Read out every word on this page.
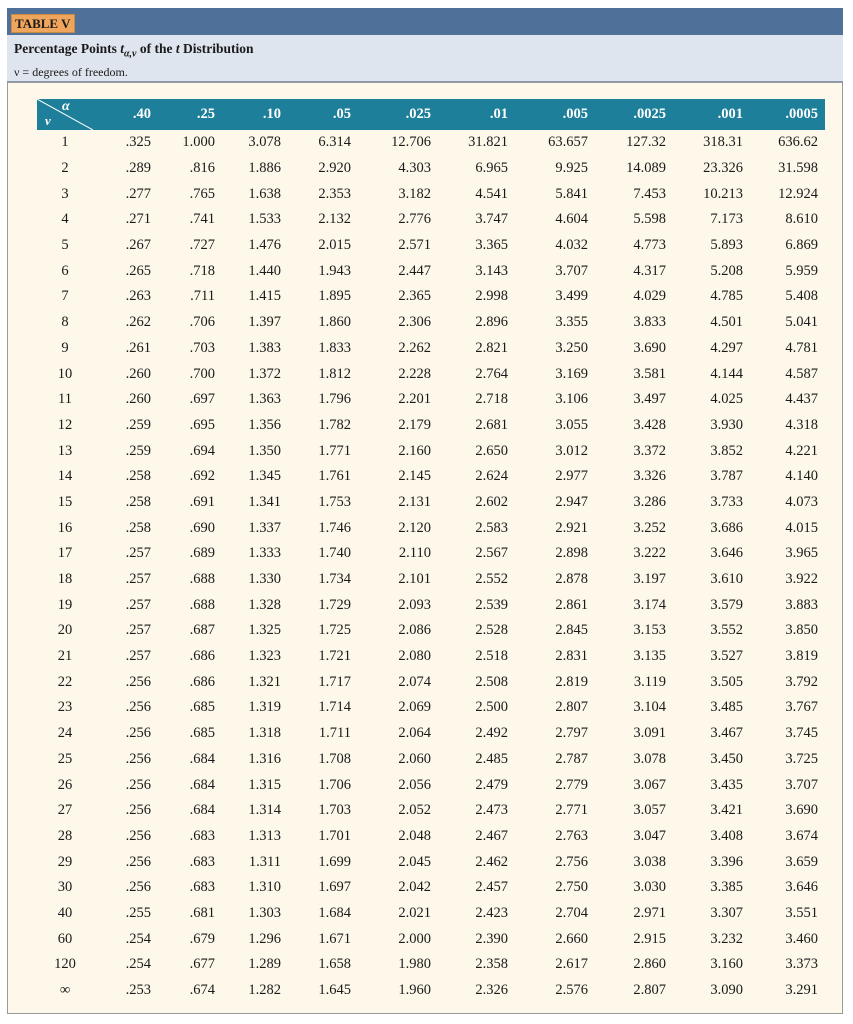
TABLE V
Percentage Points $t_{\alpha,\nu}$ of the t Distribution
ν = degrees of freedom.
α
ν	.40	.25	.10	.05	.025	.01	.005	.0025	.001	.0005
1	.325	1.000	3.078	6.314	12.706	31.821	63.657	127.32	318.31	636.62
2	.289	.816	1.886	2.920	4.303	6.965	9.925	14.089	23.326	31.598
3	.277	.765	1.638	2.353	3.182	4.541	5.841	7.453	10.213	12.924
4	.271	.741	1.533	2.132	2.776	3.747	4.604	5.598	7.173	8.610
5	.267	.727	1.476	2.015	2.571	3.365	4.032	4.773	5.893	6.869
6	.265	.718	1.440	1.943	2.447	3.143	3.707	4.317	5.208	5.959
7	.263	.711	1.415	1.895	2.365	2.998	3.499	4.029	4.785	5.408
8	.262	.706	1.397	1.860	2.306	2.896	3.355	3.833	4.501	5.041
9	.261	.703	1.383	1.833	2.262	2.821	3.250	3.690	4.297	4.781
10	.260	.700	1.372	1.812	2.228	2.764	3.169	3.581	4.144	4.587
11	.260	.697	1.363	1.796	2.201	2.718	3.106	3.497	4.025	4.437
12	.259	.695	1.356	1.782	2.179	2.681	3.055	3.428	3.930	4.318
13	.259	.694	1.350	1.771	2.160	2.650	3.012	3.372	3.852	4.221
14	.258	.692	1.345	1.761	2.145	2.624	2.977	3.326	3.787	4.140
15	.258	.691	1.341	1.753	2.131	2.602	2.947	3.286	3.733	4.073
16	.258	.690	1.337	1.746	2.120	2.583	2.921	3.252	3.686	4.015
17	.257	.689	1.333	1.740	2.110	2.567	2.898	3.222	3.646	3.965
18	.257	.688	1.330	1.734	2.101	2.552	2.878	3.197	3.610	3.922
19	.257	.688	1.328	1.729	2.093	2.539	2.861	3.174	3.579	3.883
20	.257	.687	1.325	1.725	2.086	2.528	2.845	3.153	3.552	3.850
21	.257	.686	1.323	1.721	2.080	2.518	2.831	3.135	3.527	3.819
22	.256	.686	1.321	1.717	2.074	2.508	2.819	3.119	3.505	3.792
23	.256	.685	1.319	1.714	2.069	2.500	2.807	3.104	3.485	3.767
24	.256	.685	1.318	1.711	2.064	2.492	2.797	3.091	3.467	3.745
25	.256	.684	1.316	1.708	2.060	2.485	2.787	3.078	3.450	3.725
26	.256	.684	1.315	1.706	2.056	2.479	2.779	3.067	3.435	3.707
27	.256	.684	1.314	1.703	2.052	2.473	2.771	3.057	3.421	3.690
28	.256	.683	1.313	1.701	2.048	2.467	2.763	3.047	3.408	3.674
29	.256	.683	1.311	1.699	2.045	2.462	2.756	3.038	3.396	3.659
30	.256	.683	1.310	1.697	2.042	2.457	2.750	3.030	3.385	3.646
40	.255	.681	1.303	1.684	2.021	2.423	2.704	2.971	3.307	3.551
60	.254	.679	1.296	1.671	2.000	2.390	2.660	2.915	3.232	3.460
120	.254	.677	1.289	1.658	1.980	2.358	2.617	2.860	3.160	3.373
∞	.253	.674	1.282	1.645	1.960	2.326	2.576	2.807	3.090	3.291
